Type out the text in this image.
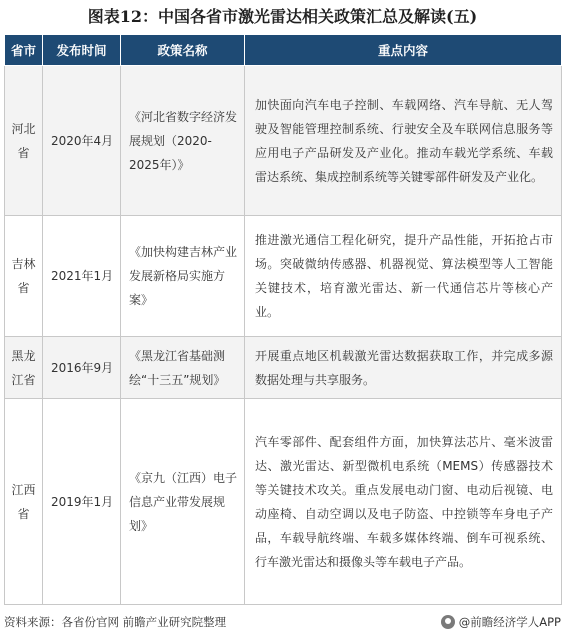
图表12：中国各省市激光雷达相关政策汇总及解读(五)
省市	发布时间	政策名称	重点内容
河北省	2020年4月	《河北省数字经济发展规划（2020-2025年）》	加快面向汽车电子控制、车载网络、汽车导航、无人驾驶及智能管理控制系统、行驶安全及车联网信息服务等应用电子产品研发及产业化。推动车载光学系统、车载雷达系统、集成控制系统等关键零部件研发及产业化。
吉林省	2021年1月	《加快构建吉林产业发展新格局实施方案》	推进激光通信工程化研究，提升产品性能，开拓抢占市场。突破微纳传感器、机器视觉、算法模型等人工智能关键技术，培育激光雷达、新一代通信芯片等核心产业。
黑龙江省	2016年9月	《黑龙江省基础测绘“十三五”规划》	开展重点地区机载激光雷达数据获取工作，并完成多源数据处理与共享服务。
江西省	2019年1月	《京九（江西）电子信息产业带发展规划》	汽车零部件、配套组件方面，加快算法芯片、毫米波雷达、激光雷达、新型微机电系统（MEMS）传感器技术等关键技术攻关。重点发展电动门窗、电动后视镜、电动座椅、自动空调以及电子防盗、中控锁等车身电子产品，车载导航终端、车载多媒体终端、倒车可视系统、行车激光雷达和摄像头等车载电子产品。
资料来源：各省份官网 前瞻产业研究院整理	@前瞻经济学人APP
